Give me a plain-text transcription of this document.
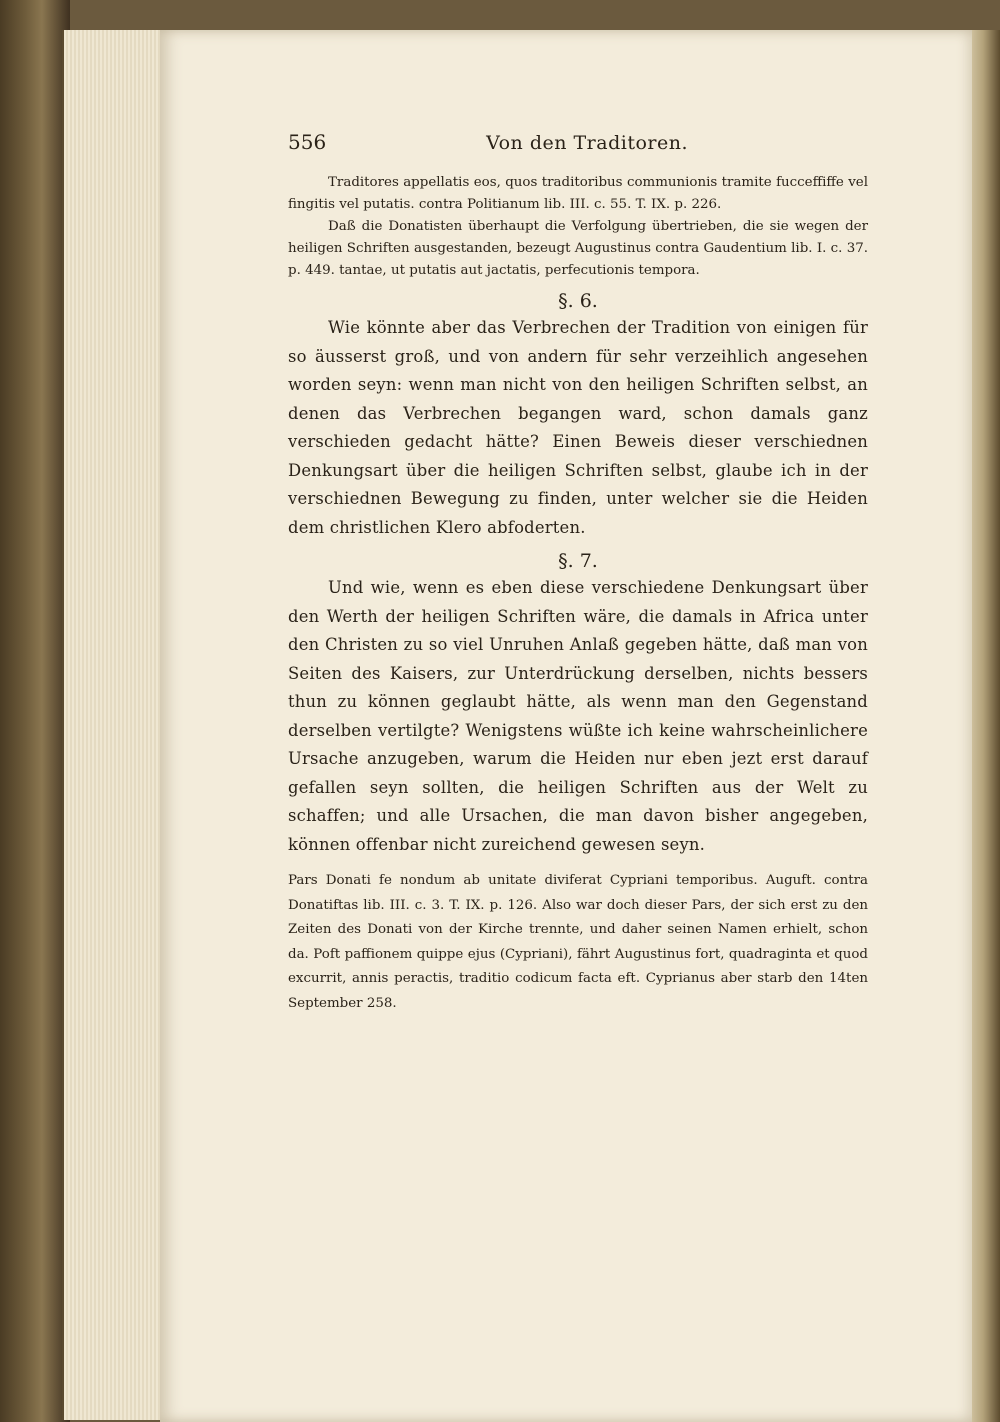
556	Von den Traditoren.

Traditores appellatis eos, quos traditoribus communionis tramite fucceffiffe vel fingitis vel putatis. contra Politianum lib. III. c. 55. T. IX. p. 226.

Daß die Donatisten überhaupt die Verfolgung übertrieben, die sie wegen der heiligen Schriften ausgestanden, bezeugt Augustinus contra Gaudentium lib. I. c. 37. p. 449. tantae, ut putatis aut jactatis, perfecutionis tempora.

§. 6.

Wie könnte aber das Verbrechen der Tradition von einigen für so äusserst groß, und von andern für sehr verzeihlich angesehen worden seyn: wenn man nicht von den heiligen Schriften selbst, an denen das Verbrechen begangen ward, schon damals ganz verschieden gedacht hätte? Einen Beweis dieser verschiednen Denkungsart über die heiligen Schriften selbst, glaube ich in der verschiednen Bewegung zu finden, unter welcher sie die Heiden dem christlichen Klero abfoderten.

§. 7.

Und wie, wenn es eben diese verschiedene Denkungsart über den Werth der heiligen Schriften wäre, die damals in Africa unter den Christen zu so viel Unruhen Anlaß gegeben hätte, daß man von Seiten des Kaisers, zur Unterdrückung derselben, nichts bessers thun zu können geglaubt hätte, als wenn man den Gegenstand derselben vertilgte? Wenigstens wüßte ich keine wahrscheinlichere Ursache anzugeben, warum die Heiden nur eben jezt erst darauf gefallen seyn sollten, die heiligen Schriften aus der Welt zu schaffen; und alle Ursachen, die man davon bisher angegeben, können offenbar nicht zureichend gewesen seyn.

Pars Donati fe nondum ab unitate diviferat Cypriani temporibus. Auguft. contra Donatiftas lib. III. c. 3. T. IX. p. 126. Also war doch dieser Pars, der sich erst zu den Zeiten des Donati von der Kirche trennte, und daher seinen Namen erhielt, schon da. Poft paffionem quippe ejus (Cypriani), fährt Augustinus fort, quadraginta et quod excurrit, annis peractis, traditio codicum facta eft. Cyprianus aber starb den 14ten September 258.
